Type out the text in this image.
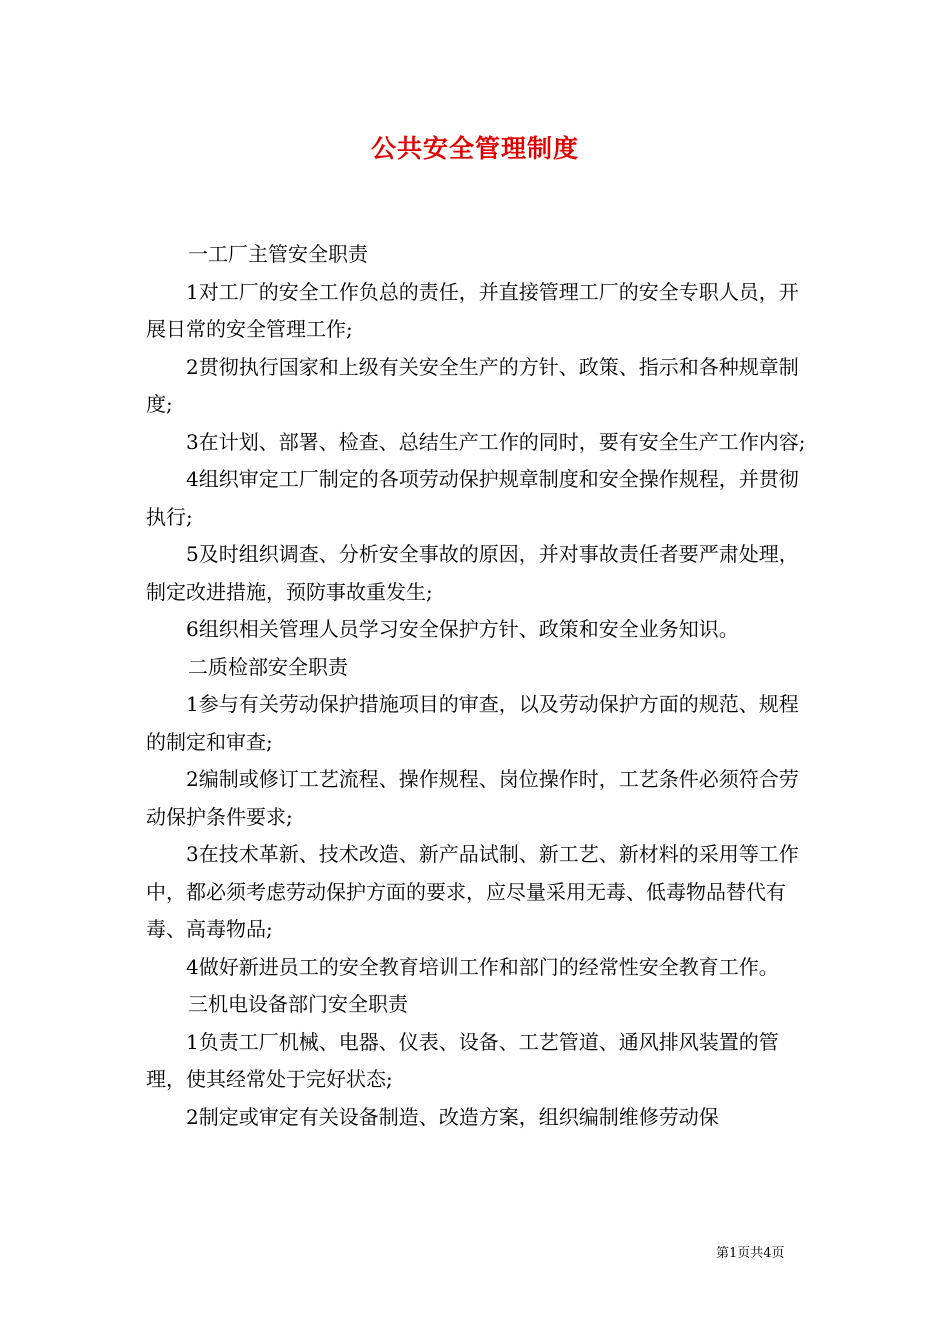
公共安全管理制度

一工厂主管安全职责

1对工厂的安全工作负总的责任，并直接管理工厂的安全专职人员，开展日常的安全管理工作;

2贯彻执行国家和上级有关安全生产的方针、政策、指示和各种规章制度;

3在计划、部署、检查、总结生产工作的同时，要有安全生产工作内容;

4组织审定工厂制定的各项劳动保护规章制度和安全操作规程，并贯彻执行;

5及时组织调查、分析安全事故的原因，并对事故责任者要严肃处理，制定改进措施，预防事故重发生;

6组织相关管理人员学习安全保护方针、政策和安全业务知识。

二质检部安全职责

1参与有关劳动保护措施项目的审查，以及劳动保护方面的规范、规程的制定和审查;

2编制或修订工艺流程、操作规程、岗位操作时，工艺条件必须符合劳动保护条件要求;

3在技术革新、技术改造、新产品试制、新工艺、新材料的采用等工作中，都必须考虑劳动保护方面的要求，应尽量采用无毒、低毒物品替代有毒、高毒物品;

4做好新进员工的安全教育培训工作和部门的经常性安全教育工作。

三机电设备部门安全职责

1负责工厂机械、电器、仪表、设备、工艺管道、通风排风装置的管理，使其经常处于完好状态;

2制定或审定有关设备制造、改造方案，组织编制维修劳动保

第1页共4页
